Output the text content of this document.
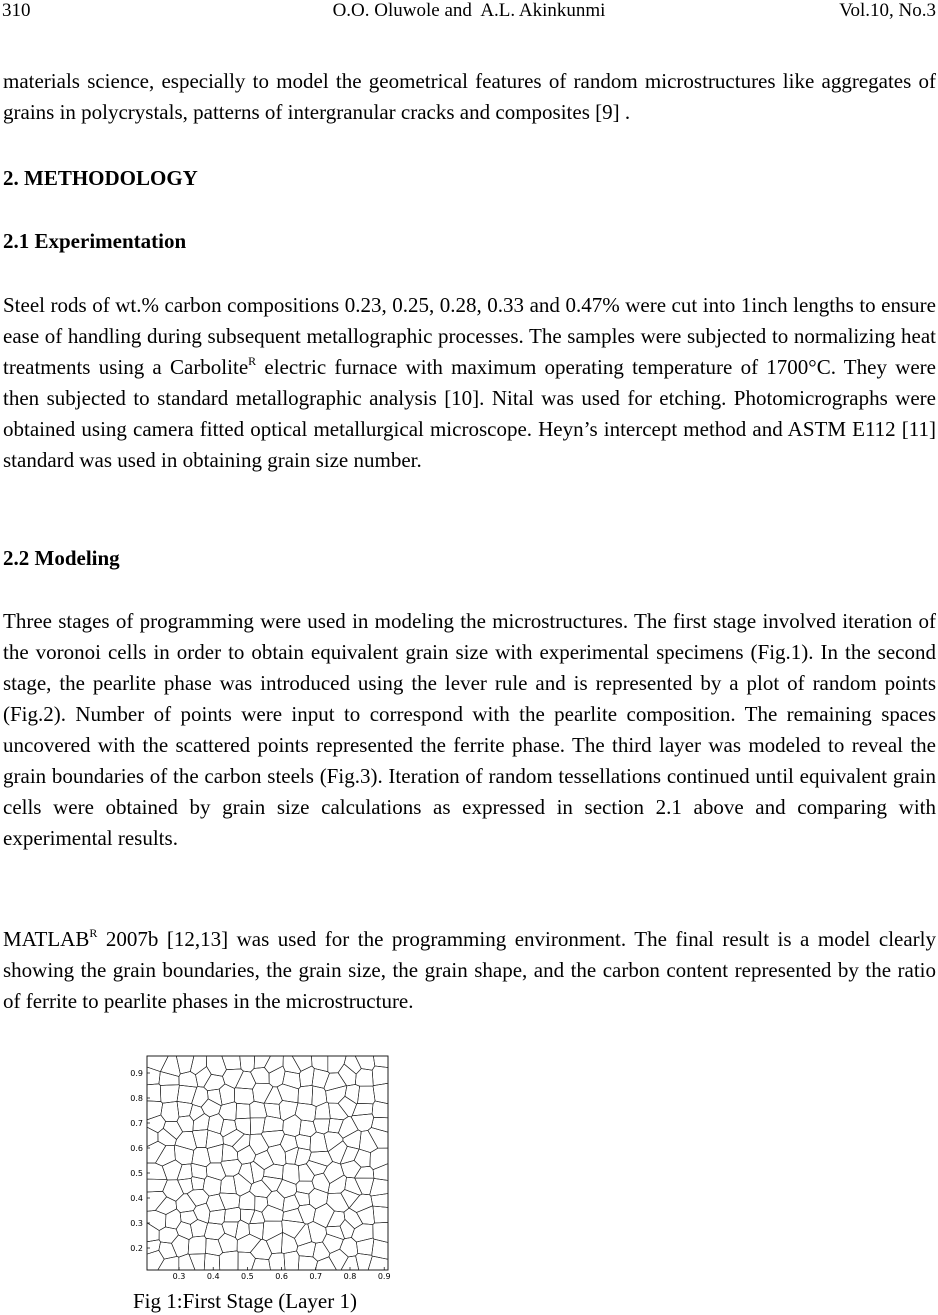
310	O.O. Oluwole and  A.L. Akinkunmi	Vol.10, No.3

materials science, especially to model the geometrical features of random microstructures like aggregates of grains in polycrystals, patterns of intergranular cracks and composites [9] .

2. METHODOLOGY
2.1 Experimentation

Steel rods of wt.% carbon compositions 0.23, 0.25, 0.28, 0.33 and 0.47% were cut into 1inch lengths to ensure ease of handling during subsequent metallographic processes. The samples were subjected to normalizing heat treatments using a Carbolite$^R$ electric furnace with maximum operating temperature of 1700°C. They were then subjected to standard metallographic analysis [10]. Nital was used for etching. Photomicrographs were obtained using camera fitted optical metallurgical microscope. Heyn’s intercept method and ASTM E112 [11] standard was used in obtaining grain size number.

2.2 Modeling

Three stages of programming were used in modeling the microstructures. The first stage involved iteration of the voronoi cells in order to obtain equivalent grain size with experimental specimens (Fig.1). In the second stage, the pearlite phase was introduced using the lever rule and is represented by a plot of random points (Fig.2). Number of points were input to correspond with the pearlite composition. The remaining spaces uncovered with the scattered points represented the ferrite phase. The third layer was modeled to reveal the grain boundaries of the carbon steels (Fig.3). Iteration of random tessellations continued until equivalent grain cells were obtained by grain size calculations as expressed in section 2.1 above and comparing with experimental results.

$MATLAB^R$ 2007b [12,13] was used for the programming environment. The final result is a model clearly showing the grain boundaries, the grain size, the grain shape, and the carbon content represented by the ratio of ferrite to pearlite phases in the microstructure.

0.9
0.8
0.7
0.6
0.5
0.4
0.3
0.2
0.3	0.4	0.5	0.6	0.7	0.8	0.9
Fig 1:First Stage (Layer 1)
